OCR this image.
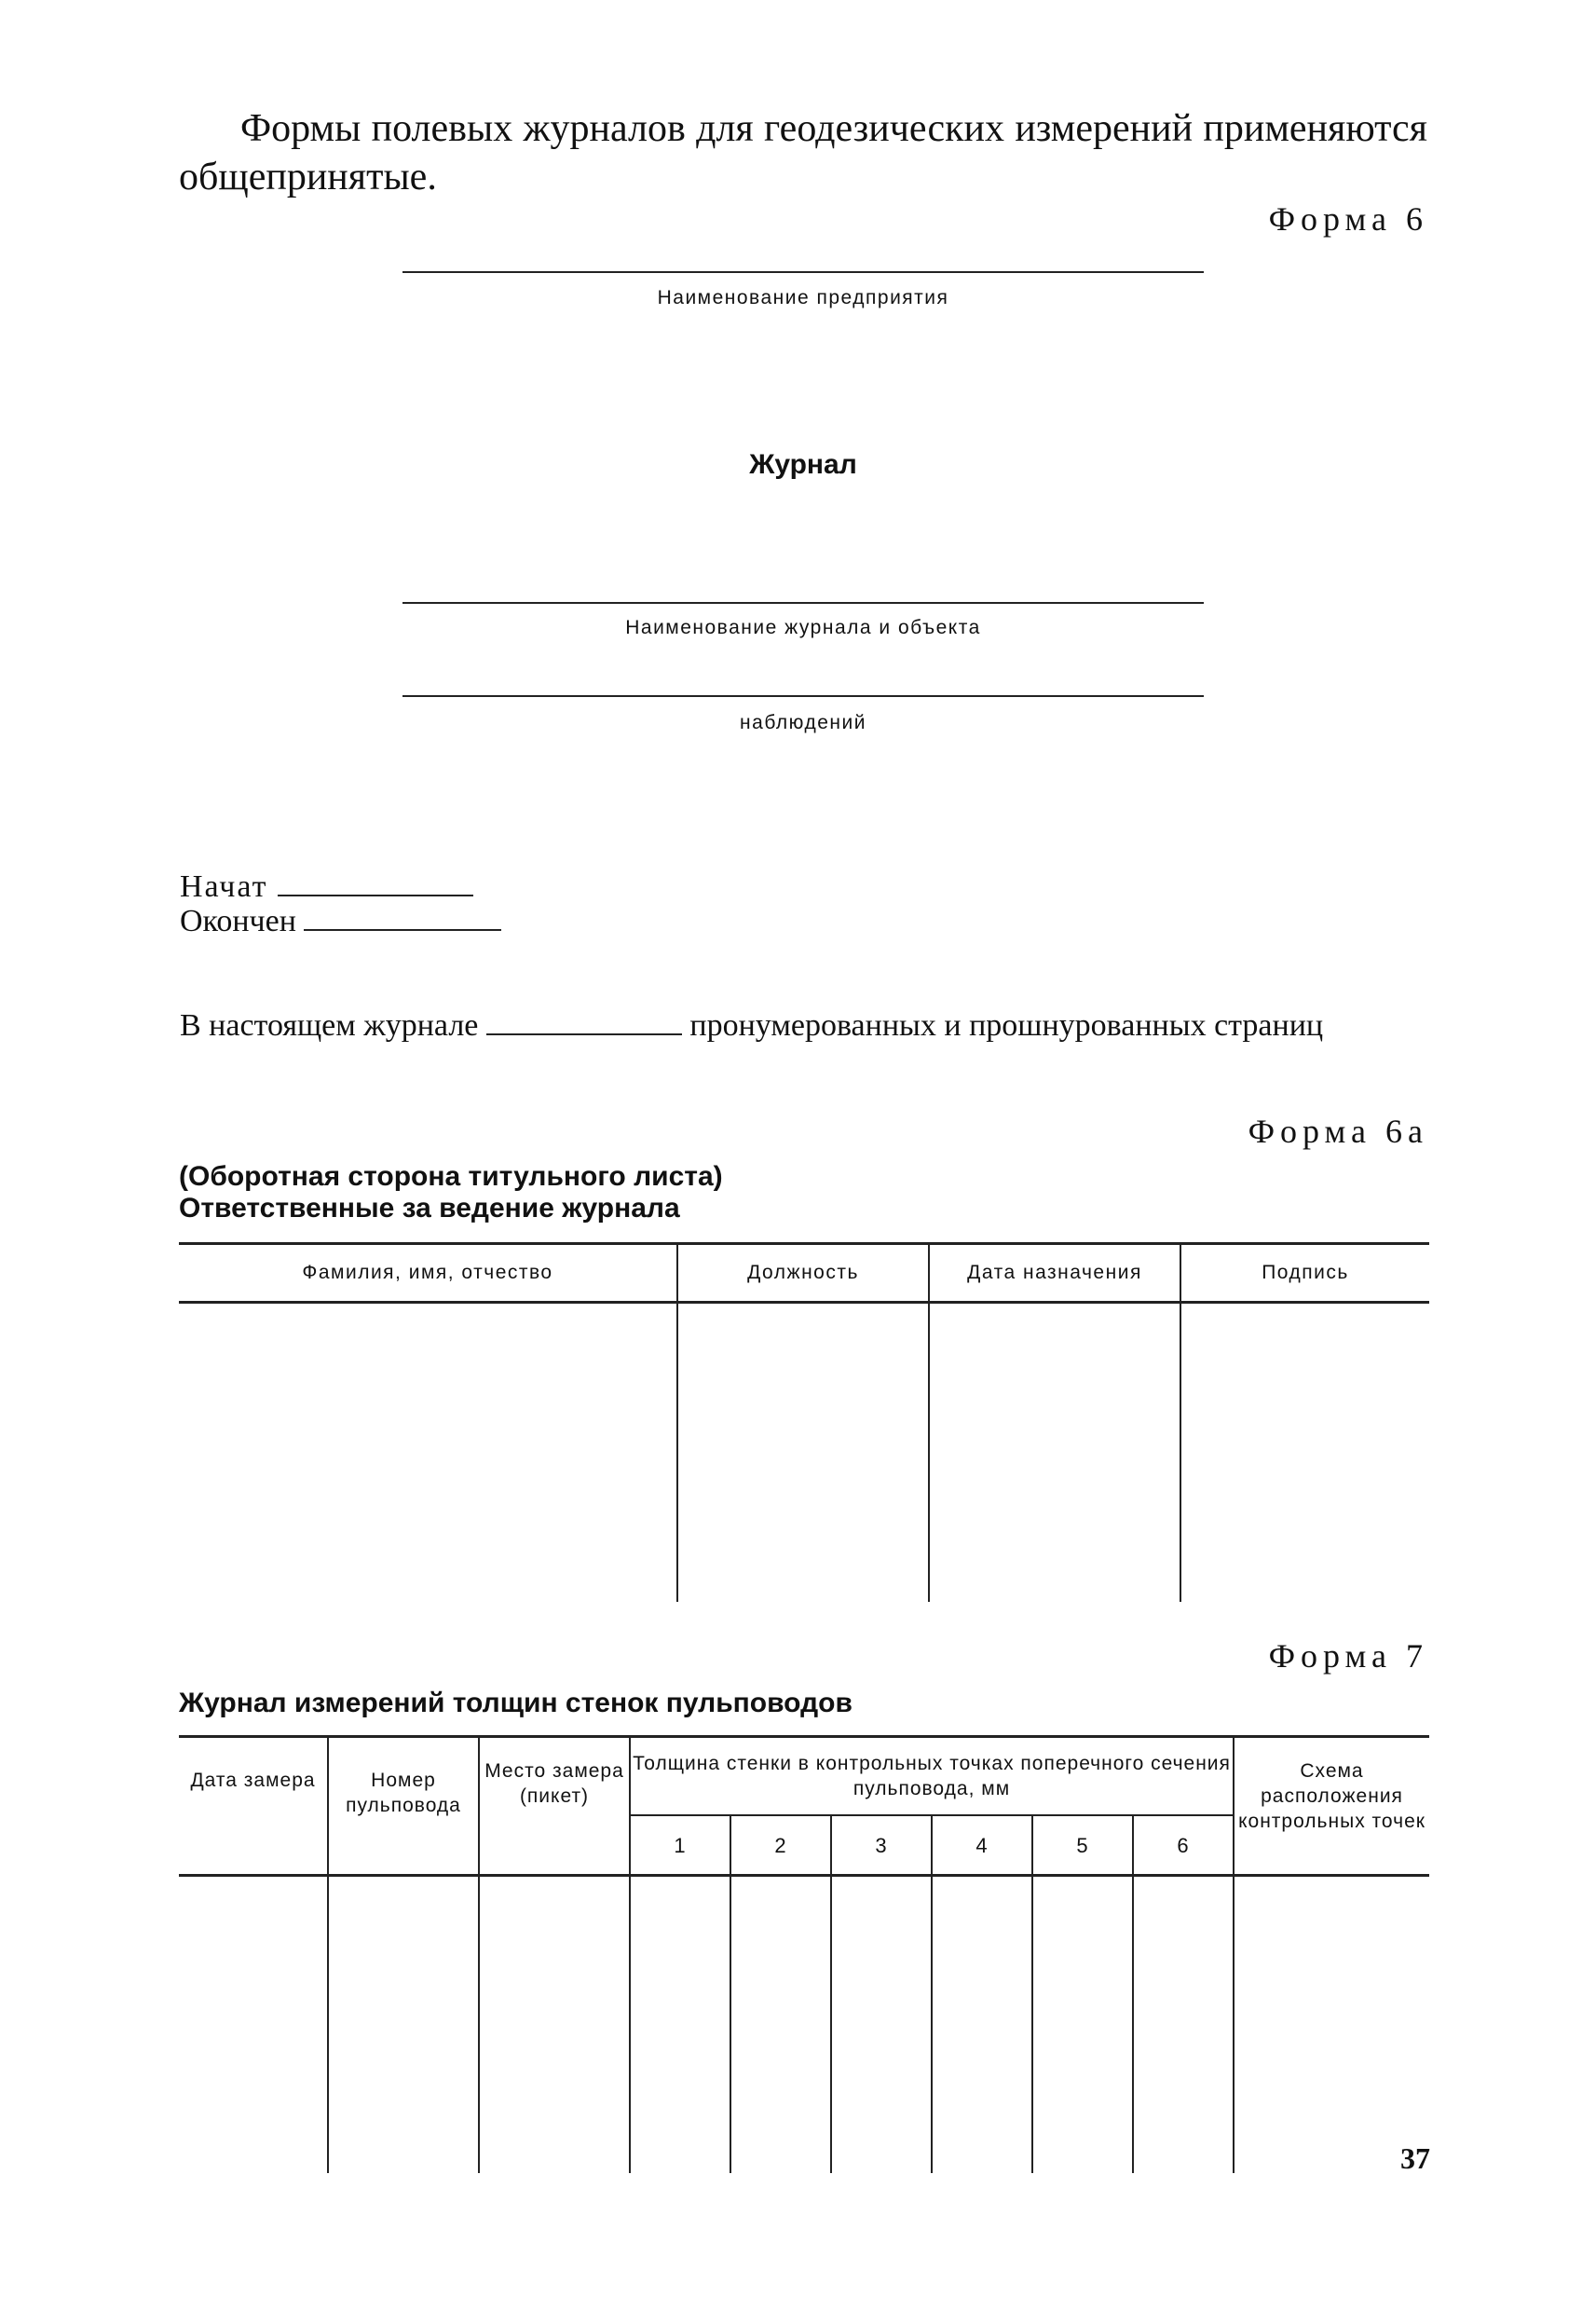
Формы полевых журналов для геодезических измерений применяются общепринятые.

Форма 6
Наименование предприятия
Журнал
Наименование журнала и объекта
наблюдений
Начат
Окончен
В настоящем журнале	пронумерованных и прошнурованных страниц
Форма 6а
(Оборотная сторона титульного листа)
Ответственные за ведение журнала
Фамилия, имя, отчество	Должность	Дата назначения	Подпись

Форма 7
Журнал измерений толщин стенок пульповодов
Дата замера	Номер пульповода	Место замера (пикет)	Толщина стенки в контрольных точках поперечного сечения пульповода, мм						Схема расположения контрольных точек
			1	2	3	4	5	6	

37
